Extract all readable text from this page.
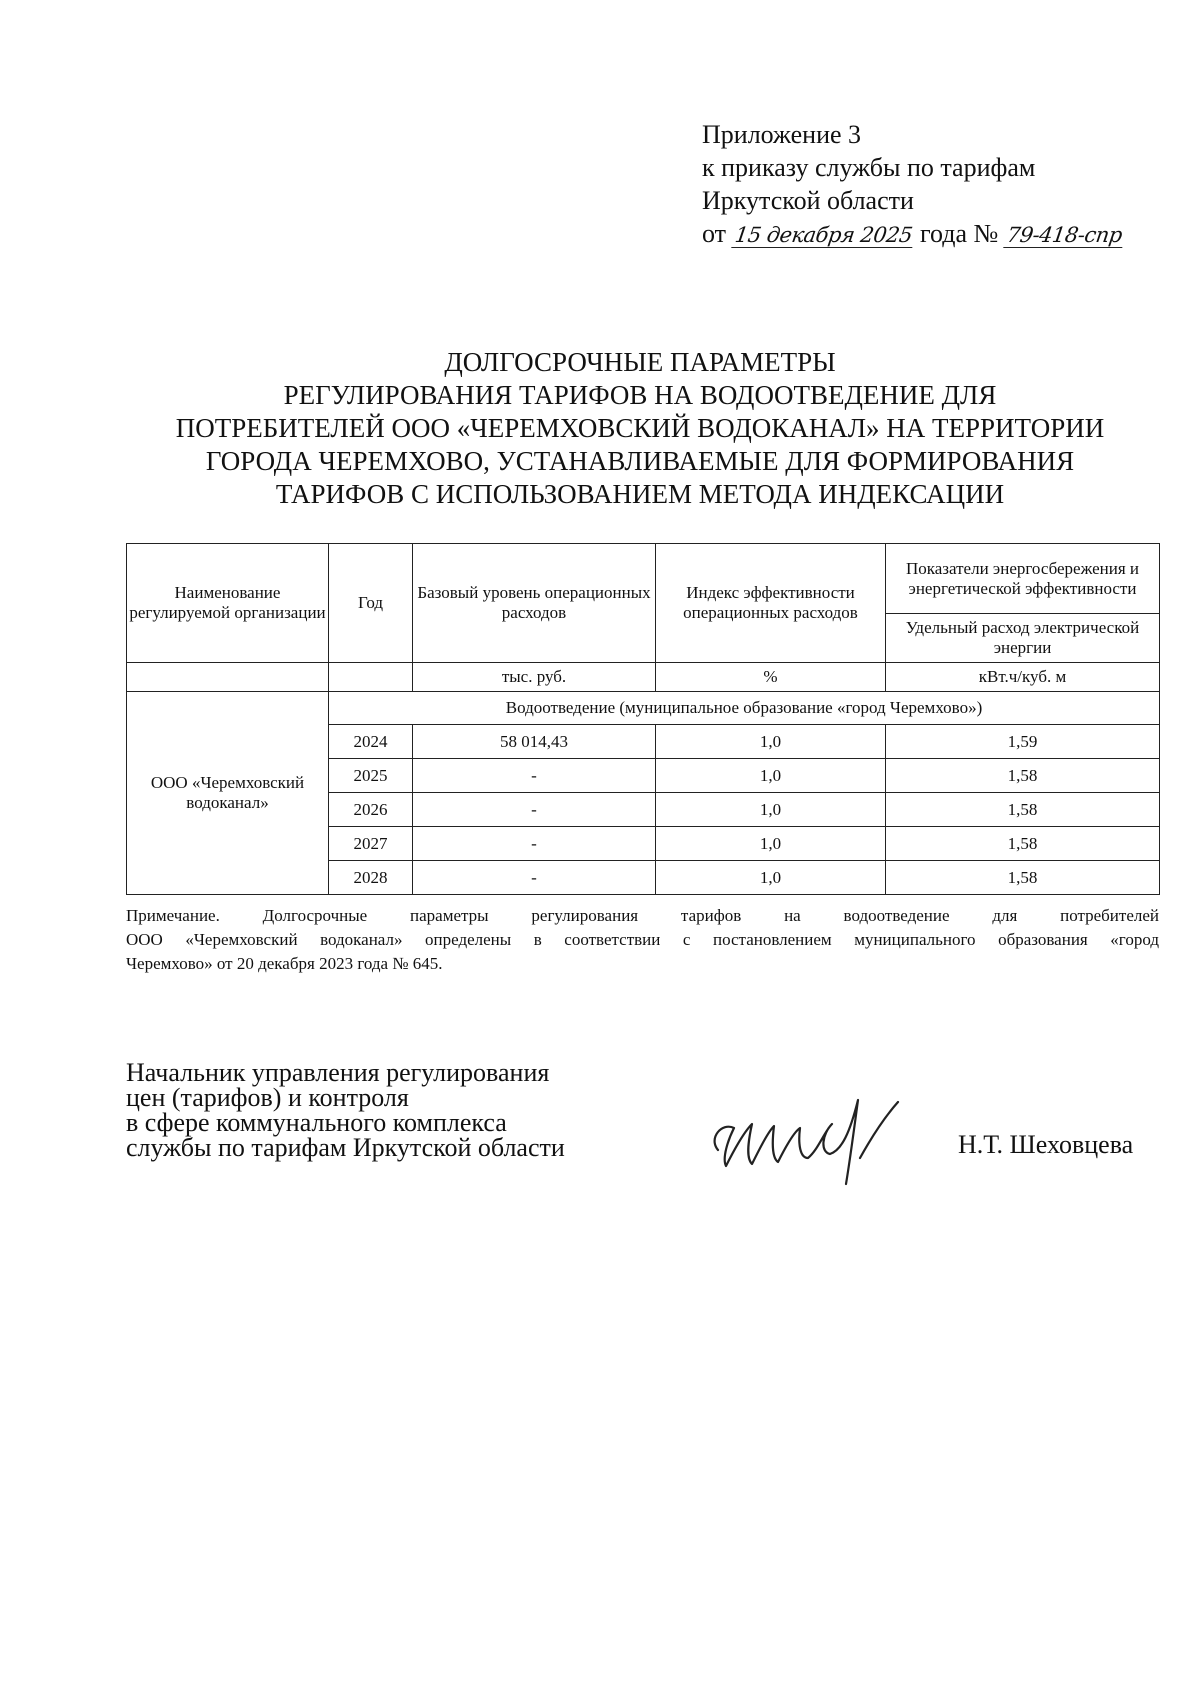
Приложение 3
к приказу службы по тарифам
Иркутской области
от 15 декабря 2025 года № 79-418-спр
ДОЛГОСРОЧНЫЕ ПАРАМЕТРЫ
РЕГУЛИРОВАНИЯ ТАРИФОВ НА ВОДООТВЕДЕНИЕ ДЛЯ
ПОТРЕБИТЕЛЕЙ ООО «ЧЕРЕМХОВСКИЙ ВОДОКАНАЛ» НА ТЕРРИТОРИИ
ГОРОДА ЧЕРЕМХОВО, УСТАНАВЛИВАЕМЫЕ ДЛЯ ФОРМИРОВАНИЯ
ТАРИФОВ С ИСПОЛЬЗОВАНИЕМ МЕТОДА ИНДЕКСАЦИИ
Наименование регулируемой организации	Год	Базовый уровень операционных расходов	Индекс эффективности операционных расходов	Показатели энергосбережения и энергетической эффективности
				Удельный расход электрической энергии
		тыс. руб.	%	кВт.ч/куб. м
ООО «Черемховский водоканал»	Водоотведение (муниципальное образование «город Черемхово»)			
	2024	58 014,43	1,0	1,59
	2025	-	1,0	1,58
	2026	-	1,0	1,58
	2027	-	1,0	1,58
	2028	-	1,0	1,58
Примечание. Долгосрочные параметры регулирования тарифов на водоотведение для потребителей
ООО «Черемховский водоканал» определены в соответствии с постановлением муниципального образования «город
Черемхово» от 20 декабря 2023 года № 645.
Начальник управления регулирования
цен (тарифов) и контроля
в сфере коммунального комплекса
службы по тарифам Иркутской области	Н.Т. Шеховцева
